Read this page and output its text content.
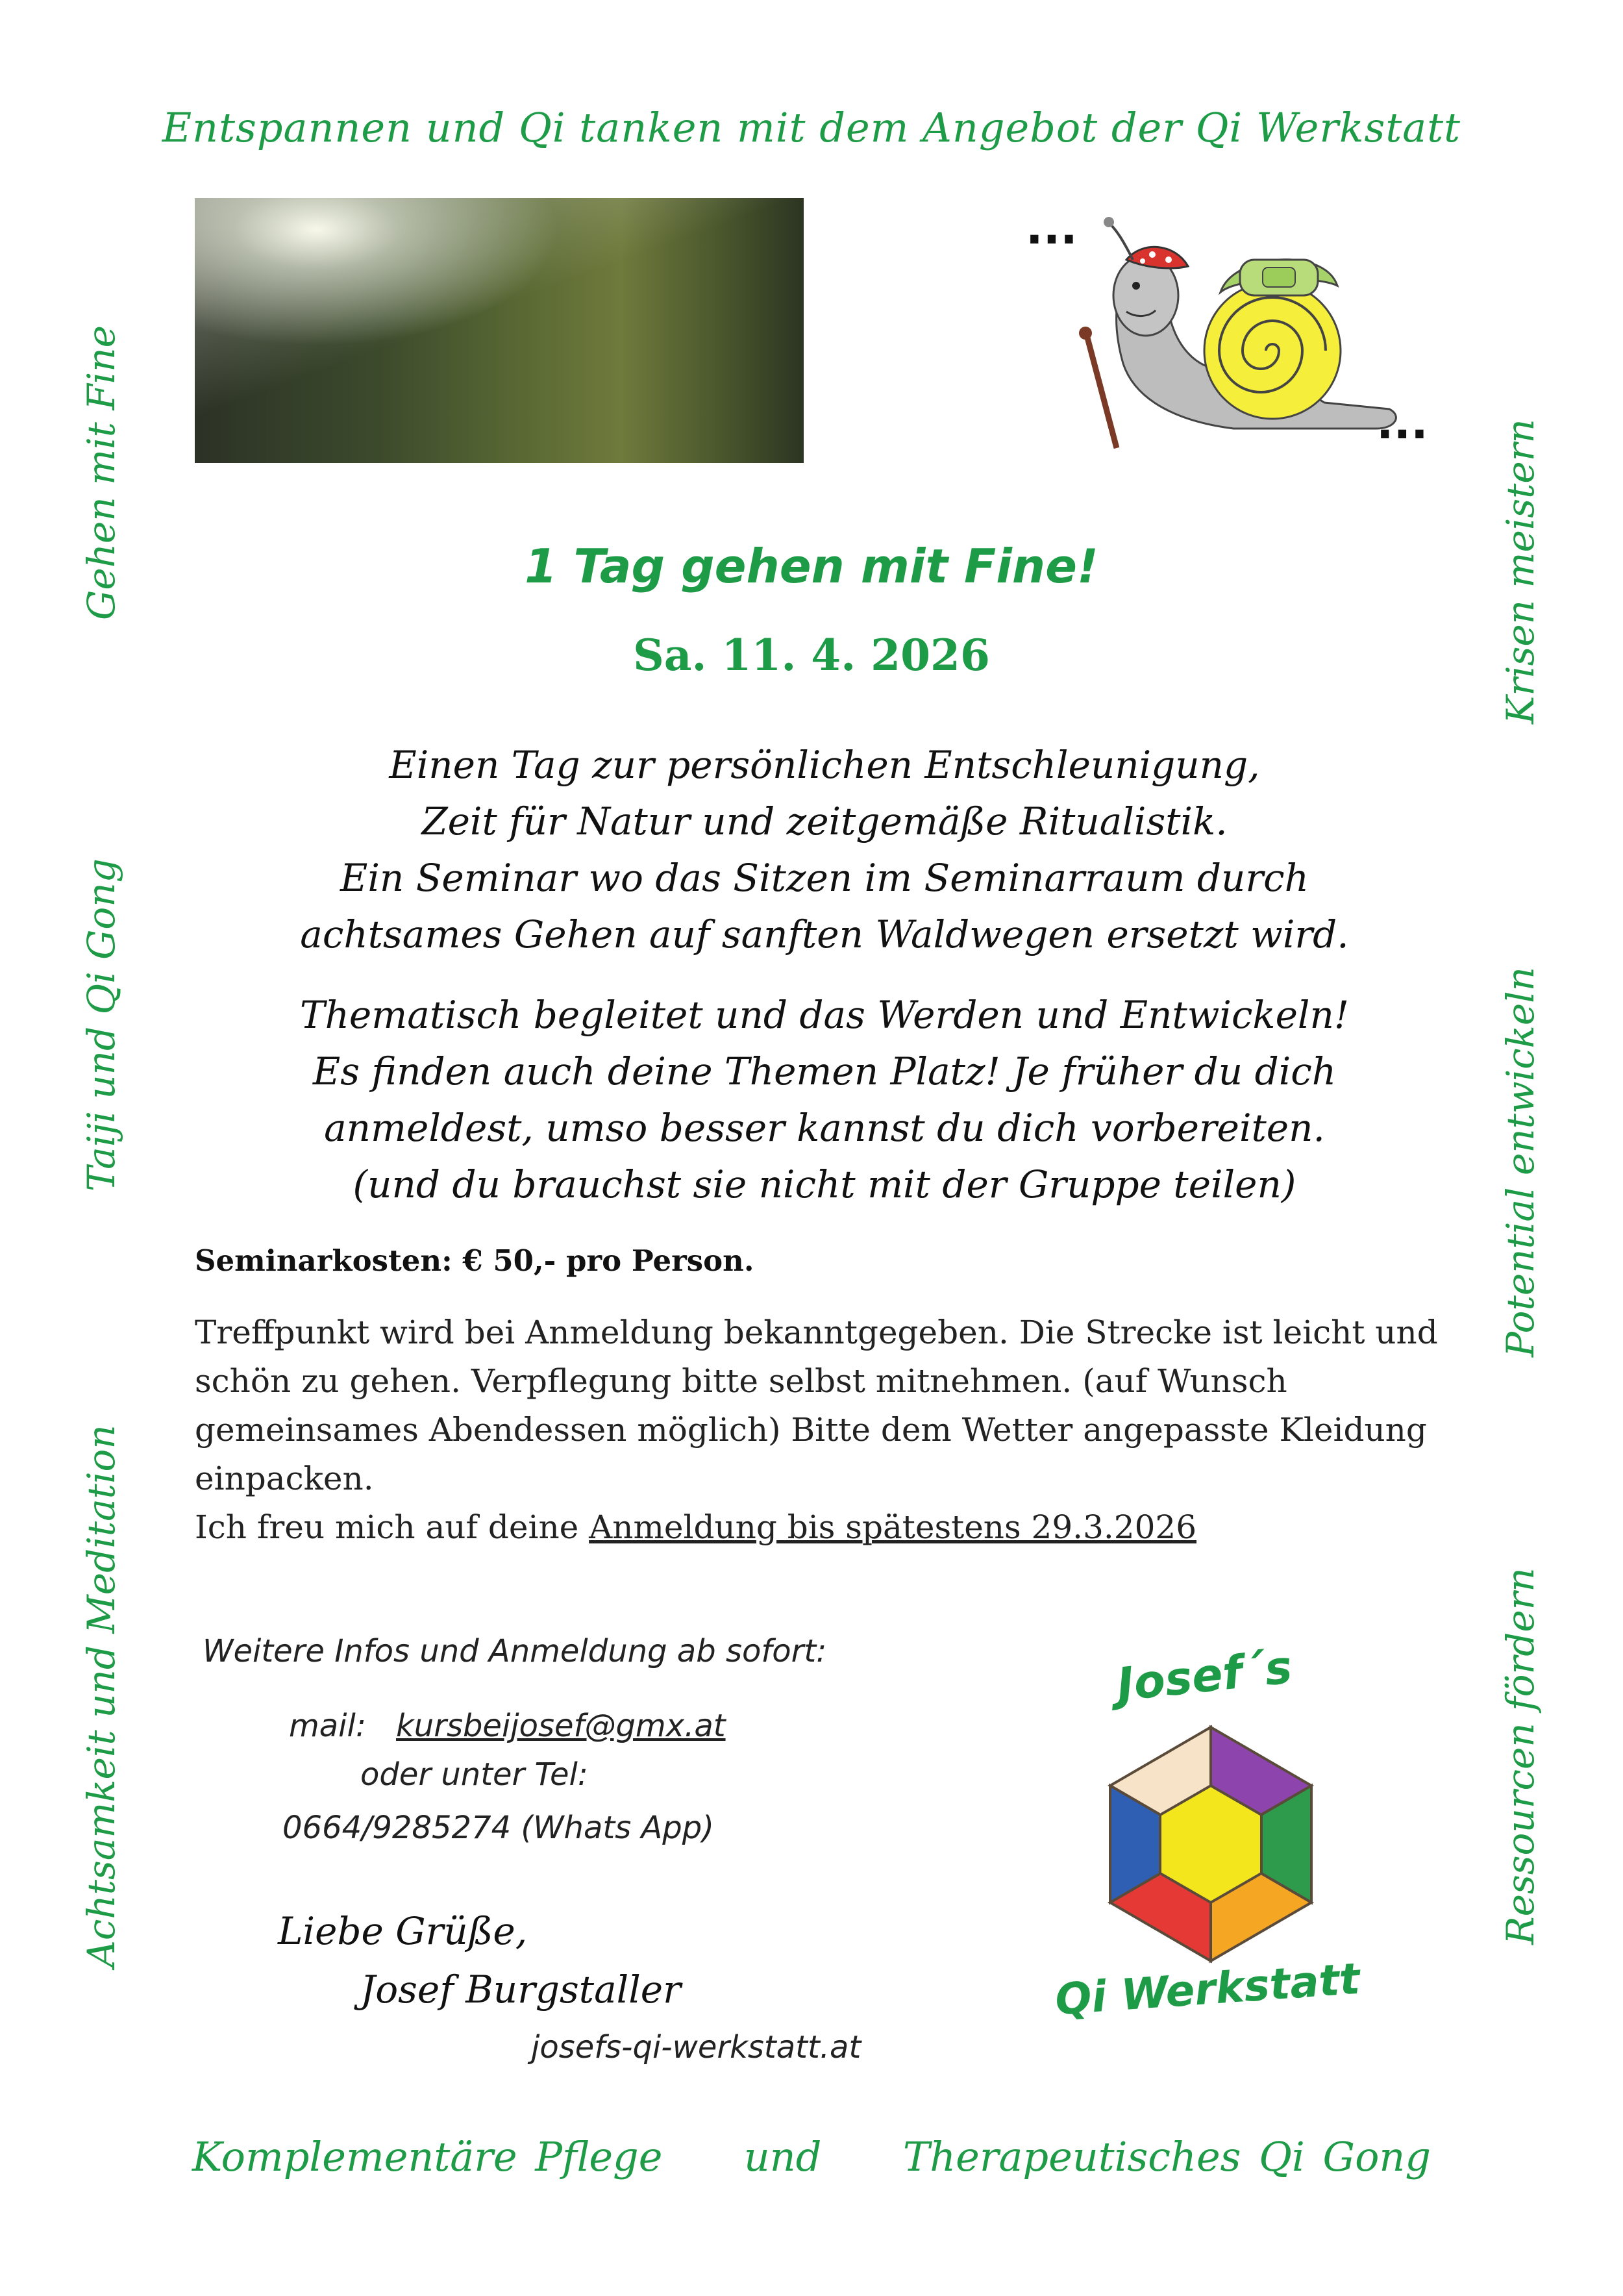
Entspannen und Qi tanken mit dem Angebot der Qi Werkstatt
Gehen mit Fine
Taiji und Qi Gong
Achtsamkeit und Meditation
Krisen meistern
Potential entwickeln
Ressourcen fördern
...
...
1 Tag gehen mit Fine!
Sa. 11. 4. 2026
Einen Tag zur persönlichen Entschleunigung,
Zeit für Natur und zeitgemäße Ritualistik.
Ein Seminar wo das Sitzen im Seminarraum durch
achtsames Gehen auf sanften Waldwegen ersetzt wird.
Thematisch begleitet und das Werden und Entwickeln!
Es finden auch deine Themen Platz! Je früher du dich
anmeldest, umso besser kannst du dich vorbereiten.
(und du brauchst sie nicht mit der Gruppe teilen)
Seminarkosten: € 50,- pro Person.
Treffpunkt wird bei Anmeldung bekanntgegeben. Die Strecke ist leicht und schön zu gehen. Verpflegung bitte selbst mitnehmen. (auf Wunsch gemeinsames Abendessen möglich) Bitte dem Wetter angepasste Kleidung einpacken.
Ich freu mich auf deine Anmeldung bis spätestens 29.3.2026
Weitere Infos und Anmeldung ab sofort:
mail: kursbeijosef@gmx.at
oder unter Tel:
0664/9285274 (Whats App)
Liebe Grüße,
Josef Burgstaller
josefs-qi-werkstatt.at
Josef´s
Qi Werkstatt
Komplementäre Pflege und Therapeutisches Qi Gong
